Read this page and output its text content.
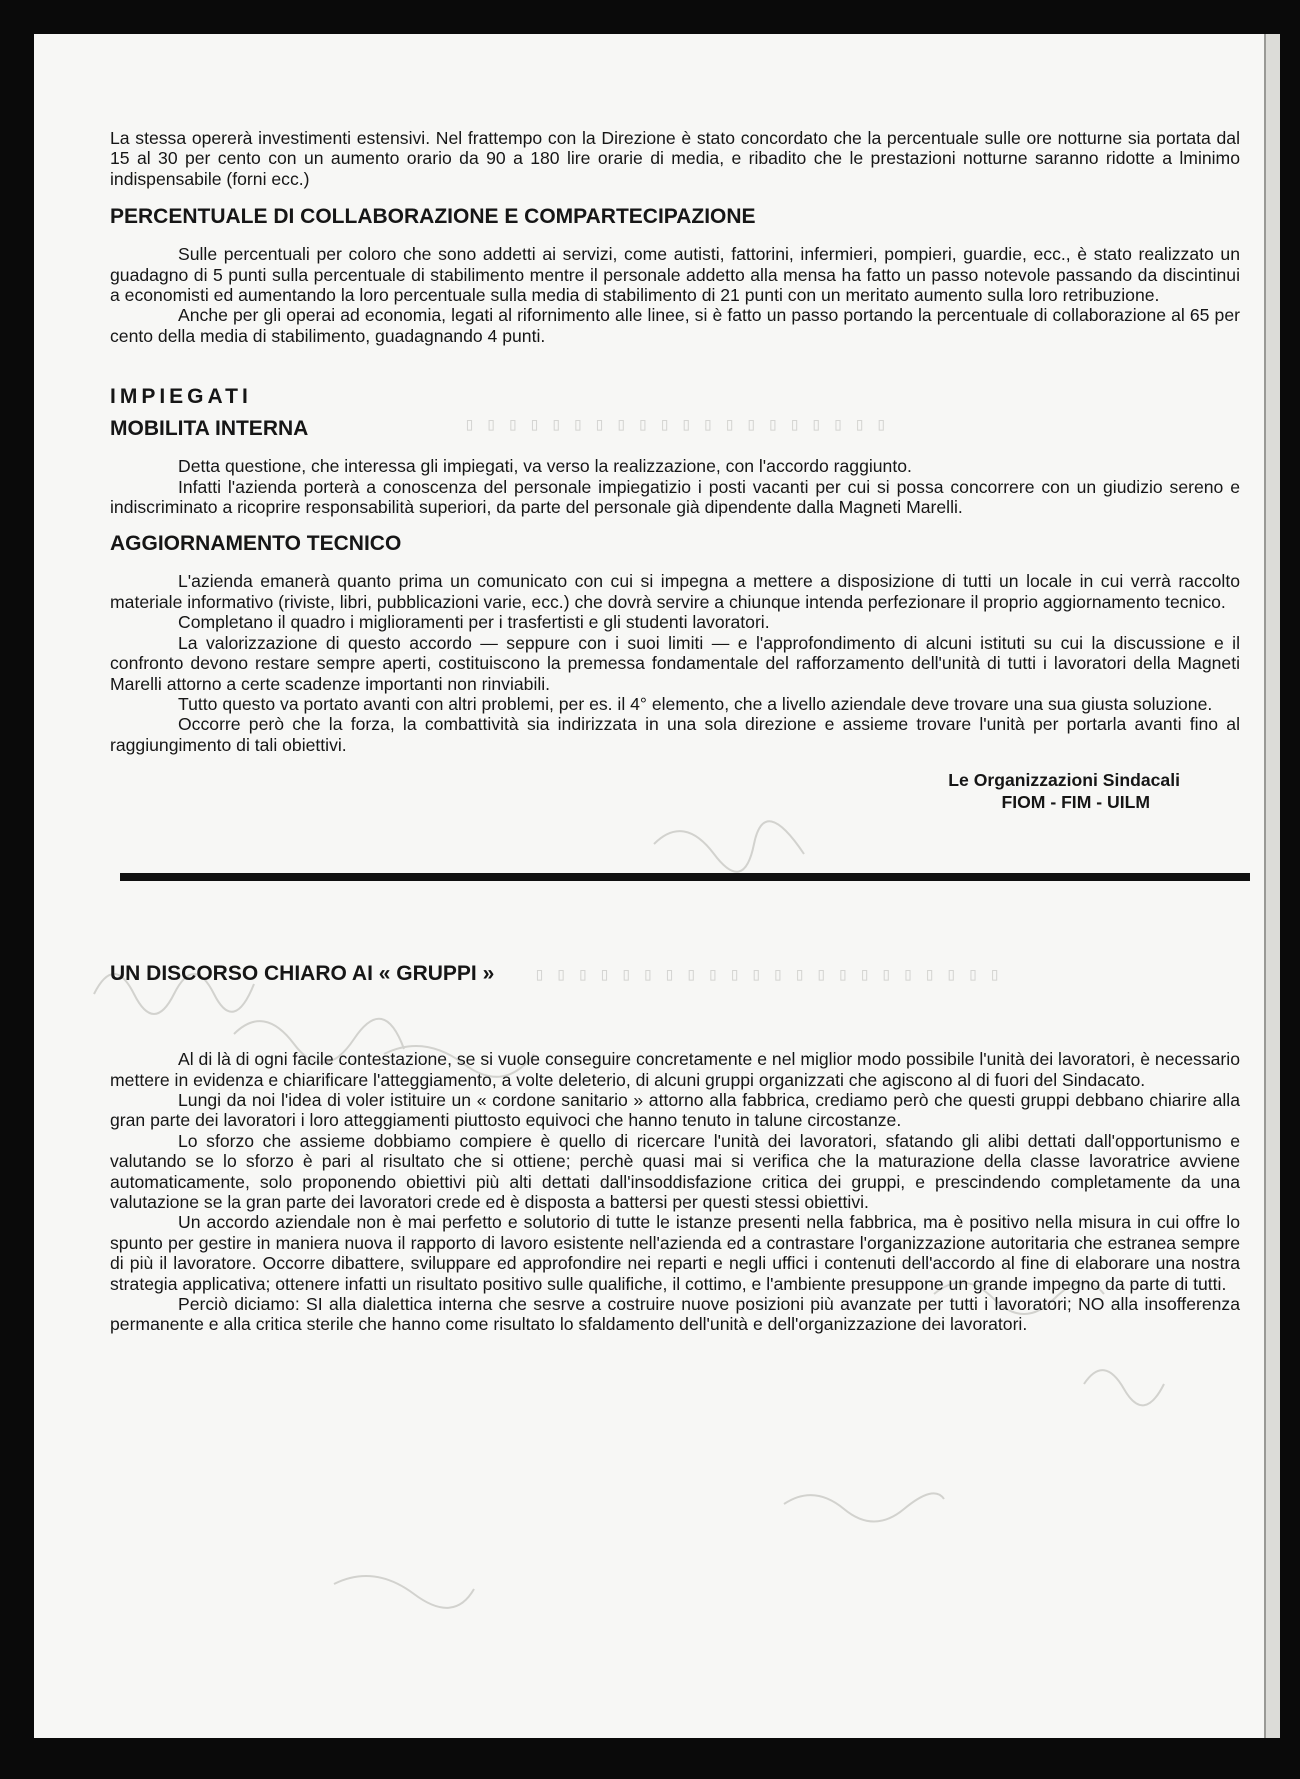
▯ ▯ ▯ ▯ ▯ ▯ ▯ ▯ ▯ ▯ ▯ ▯ ▯ ▯ ▯ ▯ ▯ ▯ ▯ ▯
▯ ▯ ▯ ▯ ▯ ▯ ▯ ▯ ▯ ▯ ▯ ▯ ▯ ▯ ▯ ▯ ▯ ▯ ▯ ▯ ▯ ▯

La stessa opererà investimenti estensivi. Nel frattempo con la Direzione è stato concordato che la percentuale sulle ore notturne sia portata dal 15 al 30 per cento con un aumento orario da 90 a 180 lire orarie di media, e ribadito che le prestazioni notturne saranno ridotte a lminimo indispensabile (forni ecc.)

PERCENTUALE DI COLLABORAZIONE E COMPARTECIPAZIONE

Sulle percentuali per coloro che sono addetti ai servizi, come autisti, fattorini, infermieri, pompieri, guardie, ecc., è stato realizzato un guadagno di 5 punti sulla percentuale di stabilimento mentre il personale addetto alla mensa ha fatto un passo notevole passando da discintinui a economisti ed aumentando la loro percentuale sulla media di stabilimento di 21 punti con un meritato aumento sulla loro retribuzione.

Anche per gli operai ad economia, legati al rifornimento alle linee, si è fatto un passo portando la percentuale di collaborazione al 65 per cento della media di stabilimento, guadagnando 4 punti.

IMPIEGATI
MOBILITA INTERNA

Detta questione, che interessa gli impiegati, va verso la realizzazione, con l'accordo raggiunto.

Infatti l'azienda porterà a conoscenza del personale impiegatizio i posti vacanti per cui si possa concorrere con un giudizio sereno e indiscriminato a ricoprire responsabilità superiori, da parte del personale già dipendente dalla Magneti Marelli.

AGGIORNAMENTO TECNICO

L'azienda emanerà quanto prima un comunicato con cui si impegna a mettere a disposizione di tutti un locale in cui verrà raccolto materiale informativo (riviste, libri, pubblicazioni varie, ecc.) che dovrà servire a chiunque intenda perfezionare il proprio aggiornamento tecnico.

Completano il quadro i miglioramenti per i trasfertisti e gli studenti lavoratori.

La valorizzazione di questo accordo — seppure con i suoi limiti — e l'approfondimento di alcuni istituti su cui la discussione e il confronto devono restare sempre aperti, costituiscono la premessa fondamentale del rafforzamento dell'unità di tutti i lavoratori della Magneti Marelli attorno a certe scadenze importanti non rinviabili.

Tutto questo va portato avanti con altri problemi, per es. il 4° elemento, che a livello aziendale deve trovare una sua giusta soluzione.

Occorre però che la forza, la combattività sia indirizzata in una sola direzione e assieme trovare l'unità per portarla avanti fino al raggiungimento di tali obiettivi.

Le Organizzazioni Sindacali
FIOM - FIM - UILM
UN DISCORSO CHIARO AI « GRUPPI »

Al di là di ogni facile contestazione, se si vuole conseguire concretamente e nel miglior modo possibile l'unità dei lavoratori, è necessario mettere in evidenza e chiarificare l'atteggiamento, a volte deleterio, di alcuni gruppi organizzati che agiscono al di fuori del Sindacato.

Lungi da noi l'idea di voler istituire un « cordone sanitario » attorno alla fabbrica, crediamo però che questi gruppi debbano chiarire alla gran parte dei lavoratori i loro atteggiamenti piuttosto equivoci che hanno tenuto in talune circostanze.

Lo sforzo che assieme dobbiamo compiere è quello di ricercare l'unità dei lavoratori, sfatando gli alibi dettati dall'opportunismo e valutando se lo sforzo è pari al risultato che si ottiene; perchè quasi mai si verifica che la maturazione della classe lavoratrice avviene automaticamente, solo proponendo obiettivi più alti dettati dall'insoddisfazione critica dei gruppi, e prescindendo completamente da una valutazione se la gran parte dei lavoratori crede ed è disposta a battersi per questi stessi obiettivi.

Un accordo aziendale non è mai perfetto e solutorio di tutte le istanze presenti nella fabbrica, ma è positivo nella misura in cui offre lo spunto per gestire in maniera nuova il rapporto di lavoro esistente nell'azienda ed a contrastare l'organizzazione autoritaria che estranea sempre di più il lavoratore. Occorre dibattere, sviluppare ed approfondire nei reparti e negli uffici i contenuti dell'accordo al fine di elaborare una nostra strategia applicativa; ottenere infatti un risultato positivo sulle qualifiche, il cottimo, e l'ambiente presuppone un grande impegno da parte di tutti.

Perciò diciamo: SI alla dialettica interna che sesrve a costruire nuove posizioni più avanzate per tutti i lavoratori; NO alla insofferenza permanente e alla critica sterile che hanno come risultato lo sfaldamento dell'unità e dell'organizzazione dei lavoratori.
